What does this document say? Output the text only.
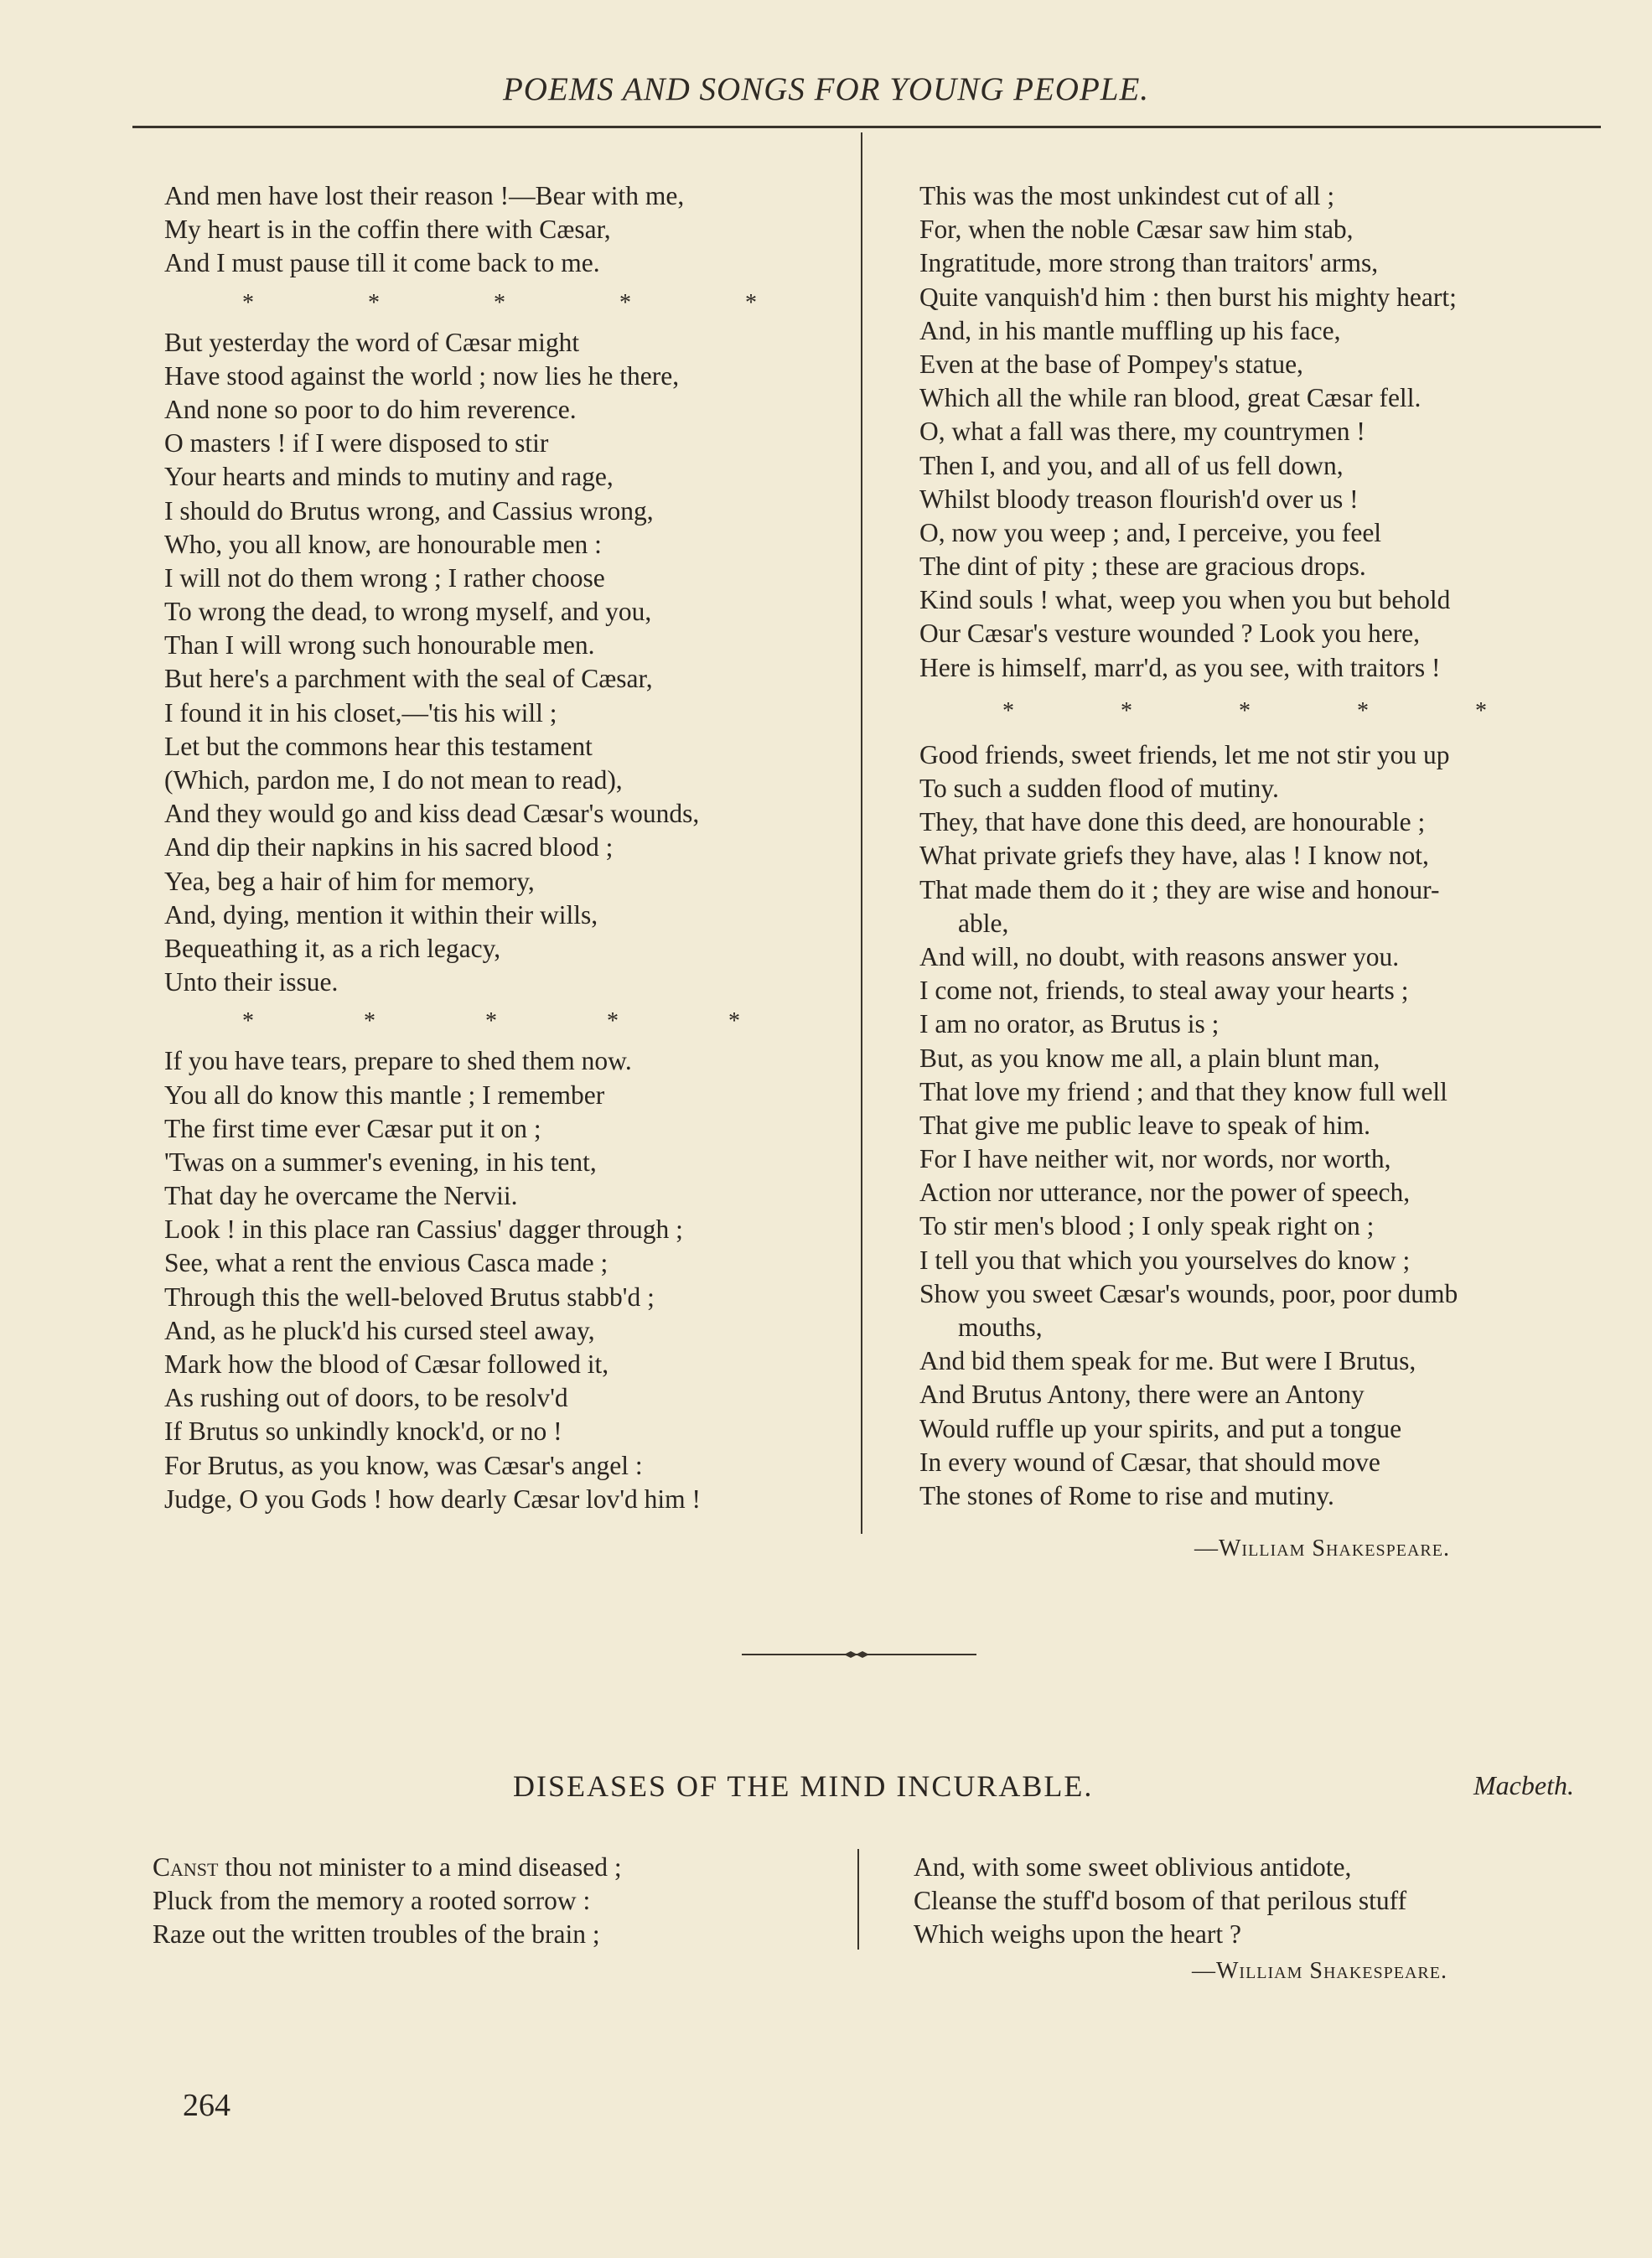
POEMS AND SONGS FOR YOUNG PEOPLE.
And men have lost their reason !—Bear with me,
My heart is in the coffin there with Cæsar,
And I must pause till it come back to me.
*	*	*	*	*
But yesterday the word of Cæsar might
Have stood against the world ; now lies he there,
And none so poor to do him reverence.
O masters ! if I were disposed to stir
Your hearts and minds to mutiny and rage,
I should do Brutus wrong, and Cassius wrong,
Who, you all know, are honourable men :
I will not do them wrong ; I rather choose
To wrong the dead, to wrong myself, and you,
Than I will wrong such honourable men.
But here's a parchment with the seal of Cæsar,
I found it in his closet,—'tis his will ;
Let but the commons hear this testament
(Which, pardon me, I do not mean to read),
And they would go and kiss dead Cæsar's wounds,
And dip their napkins in his sacred blood ;
Yea, beg a hair of him for memory,
And, dying, mention it within their wills,
Bequeathing it, as a rich legacy,
Unto their issue.
*	*	*	*	*
If you have tears, prepare to shed them now.
You all do know this mantle ; I remember
The first time ever Cæsar put it on ;
'Twas on a summer's evening, in his tent,
That day he overcame the Nervii.
Look ! in this place ran Cassius' dagger through ;
See, what a rent the envious Casca made ;
Through this the well-beloved Brutus stabb'd ;
And, as he pluck'd his cursed steel away,
Mark how the blood of Cæsar followed it,
As rushing out of doors, to be resolv'd
If Brutus so unkindly knock'd, or no !
For Brutus, as you know, was Cæsar's angel :
Judge, O you Gods ! how dearly Cæsar lov'd him !
This was the most unkindest cut of all ;
For, when the noble Cæsar saw him stab,
Ingratitude, more strong than traitors' arms,
Quite vanquish'd him : then burst his mighty heart;
And, in his mantle muffling up his face,
Even at the base of Pompey's statue,
Which all the while ran blood, great Cæsar fell.
O, what a fall was there, my countrymen !
Then I, and you, and all of us fell down,
Whilst bloody treason flourish'd over us !
O, now you weep ; and, I perceive, you feel
The dint of pity ; these are gracious drops.
Kind souls ! what, weep you when you but behold
Our Cæsar's vesture wounded ? Look you here,
Here is himself, marr'd, as you see, with traitors !
*	*	*	*	*
Good friends, sweet friends, let me not stir you up
To such a sudden flood of mutiny.
They, that have done this deed, are honourable ;
What private griefs they have, alas ! I know not,
That made them do it ; they are wise and honour-
able,
And will, no doubt, with reasons answer you.
I come not, friends, to steal away your hearts ;
I am no orator, as Brutus is ;
But, as you know me all, a plain blunt man,
That love my friend ; and that they know full well
That give me public leave to speak of him.
For I have neither wit, nor words, nor worth,
Action nor utterance, nor the power of speech,
To stir men's blood ; I only speak right on ;
I tell you that which you yourselves do know ;
Show you sweet Cæsar's wounds, poor, poor dumb
mouths,
And bid them speak for me. But were I Brutus,
And Brutus Antony, there were an Antony
Would ruffle up your spirits, and put a tongue
In every wound of Cæsar, that should move
The stones of Rome to rise and mutiny.
—William Shakespeare.
DISEASES OF THE MIND INCURABLE.	Macbeth.
Canst thou not minister to a mind diseased ;
Pluck from the memory a rooted sorrow :
Raze out the written troubles of the brain ;
And, with some sweet oblivious antidote,
Cleanse the stuff'd bosom of that perilous stuff
Which weighs upon the heart ?
—William Shakespeare.
264
